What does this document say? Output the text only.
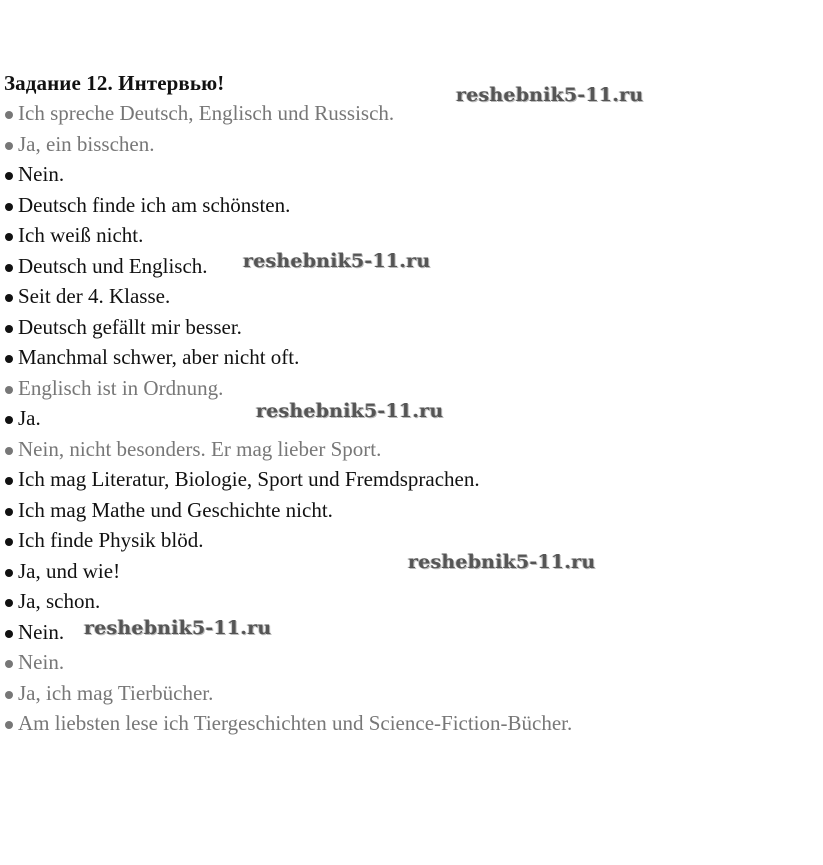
Задание 12. Интервью!
Ich spreche Deutsch, Englisch und Russisch.
Ja, ein bisschen.
Nein.
Deutsch finde ich am schönsten.
Ich weiß nicht.
Deutsch und Englisch.
Seit der 4. Klasse.
Deutsch gefällt mir besser.
Manchmal schwer, aber nicht oft.
Englisch ist in Ordnung.
Ja.
Nein, nicht besonders. Er mag lieber Sport.
Ich mag Literatur, Biologie, Sport und Fremdsprachen.
Ich mag Mathe und Geschichte nicht.
Ich finde Physik blöd.
Ja, und wie!
Ja, schon.
Nein.
Nein.
Ja, ich mag Tierbücher.
Am liebsten lese ich Tiergeschichten und Science-Fiction-Bücher.
reshebnik5-11.ru
reshebnik5-11.ru
reshebnik5-11.ru
reshebnik5-11.ru
reshebnik5-11.ru
